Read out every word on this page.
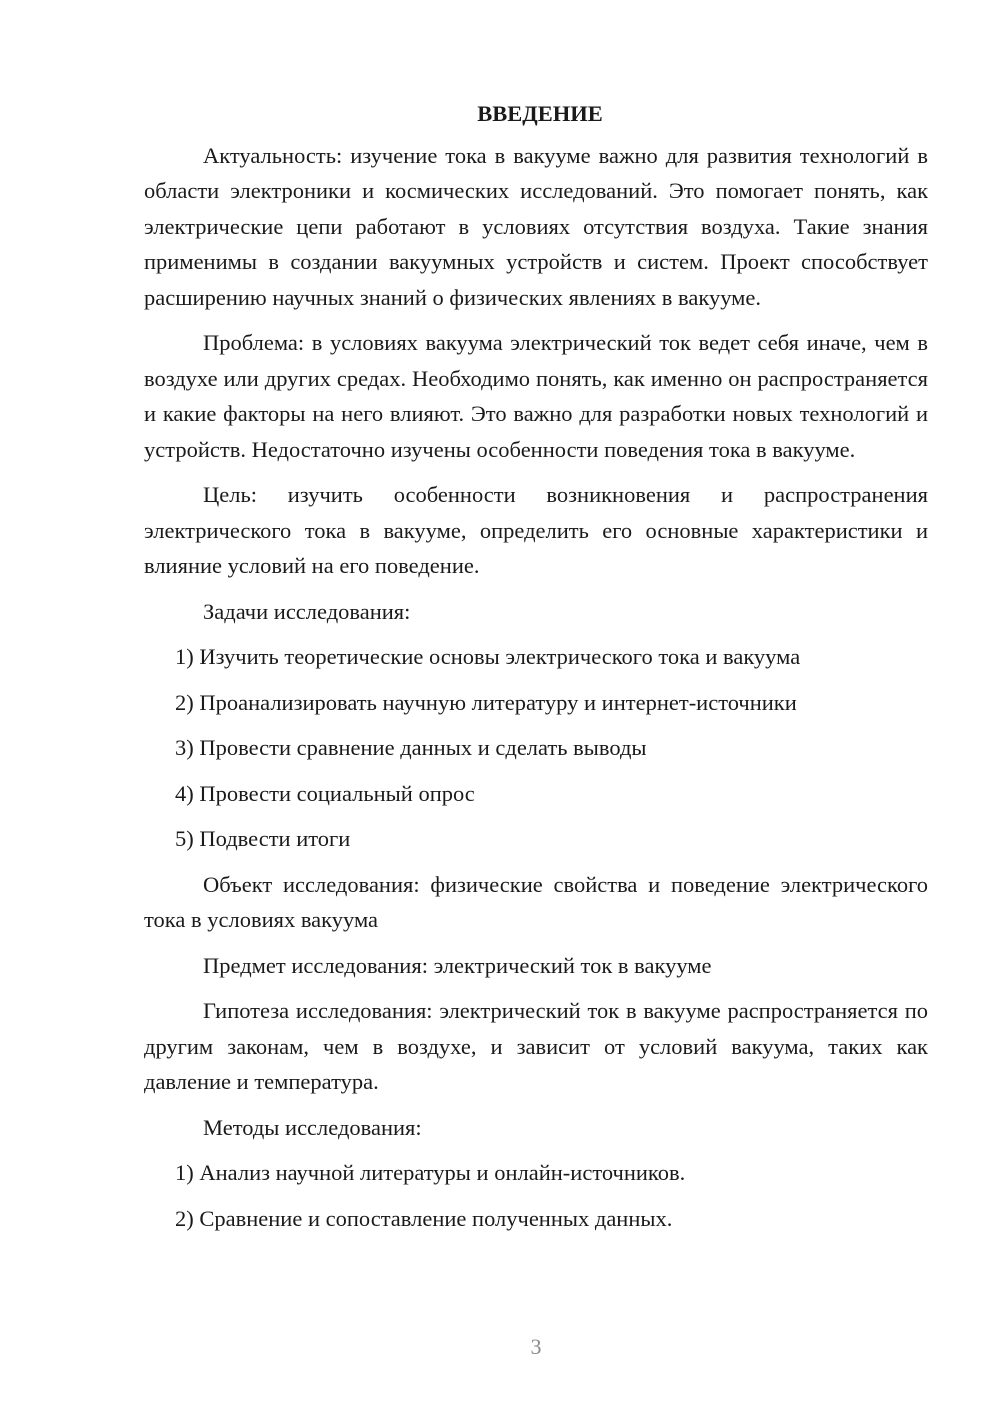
ВВЕДЕНИЕ

Актуальность: изучение тока в вакууме важно для развития технологий в области электроники и космических исследований. Это помогает понять, как электрические цепи работают в условиях отсутствия воздуха. Такие знания применимы в создании вакуумных устройств и систем. Проект способствует расширению научных знаний о физических явлениях в вакууме.

Проблема: в условиях вакуума электрический ток ведет себя иначе, чем в воздухе или других средах. Необходимо понять, как именно он распространяется и какие факторы на него влияют. Это важно для разработки новых технологий и устройств. Недостаточно изучены особенности поведения тока в вакууме.

Цель: изучить особенности возникновения и распространения электрического тока в вакууме, определить его основные характеристики и влияние условий на его поведение.

Задачи исследования:

1) Изучить теоретические основы электрического тока и вакуума
2) Проанализировать научную литературу и интернет-источники
3) Провести сравнение данных и сделать выводы
4) Провести социальный опрос
5) Подвести итоги

Объект исследования: физические свойства и поведение электрического тока в условиях вакуума

Предмет исследования: электрический ток в вакууме

Гипотеза исследования: электрический ток в вакууме распространяется по другим законам, чем в воздухе, и зависит от условий вакуума, таких как давление и температура.

Методы исследования:

1) Анализ научной литературы и онлайн-источников.
2) Сравнение и сопоставление полученных данных.
3
